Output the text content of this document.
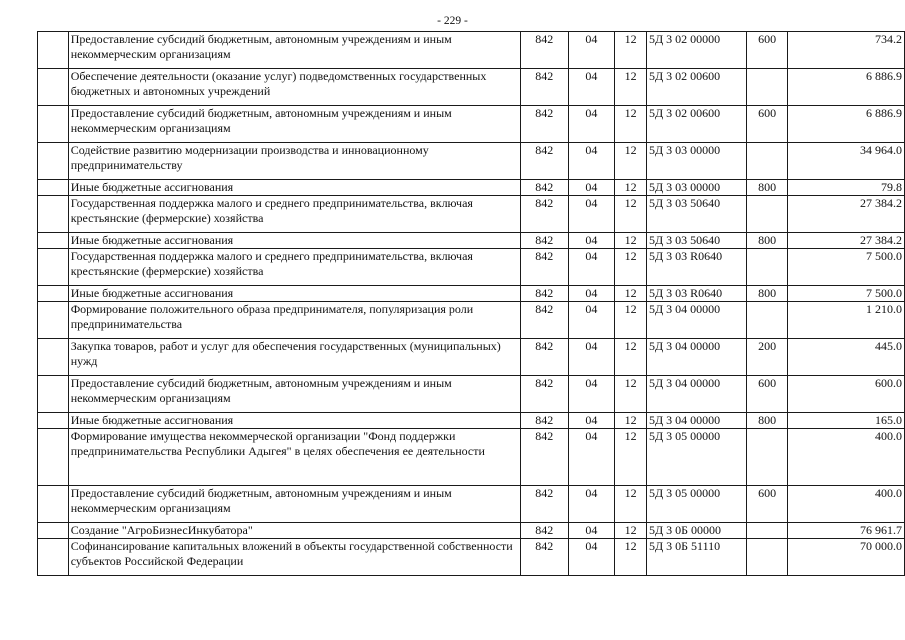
- 229 -
	Предоставление субсидий бюджетным, автономным учреждениям и иным некоммерческим организациям	842	04	12	5Д 3 02 00000	600	734.2
	Обеспечение деятельности (оказание услуг) подведомственных государственных бюджетных и автономных учреждений	842	04	12	5Д 3 02 00600		6 886.9
	Предоставление субсидий бюджетным, автономным учреждениям и иным некоммерческим организациям	842	04	12	5Д 3 02 00600	600	6 886.9
	Содействие развитию модернизации производства и инновационному предпринимательству	842	04	12	5Д 3 03 00000		34 964.0
	Иные бюджетные ассигнования	842	04	12	5Д 3 03 00000	800	79.8
	Государственная поддержка малого и среднего предпринимательства, включая крестьянские (фермерские) хозяйства	842	04	12	5Д 3 03 50640		27 384.2
	Иные бюджетные ассигнования	842	04	12	5Д 3 03 50640	800	27 384.2
	Государственная поддержка малого и среднего предпринимательства, включая крестьянские (фермерские) хозяйства	842	04	12	5Д 3 03 R0640		7 500.0
	Иные бюджетные ассигнования	842	04	12	5Д 3 03 R0640	800	7 500.0
	Формирование положительного образа предпринимателя, популяризация роли предпринимательства	842	04	12	5Д 3 04 00000		1 210.0
	Закупка товаров, работ и услуг для обеспечения государственных (муниципальных) нужд	842	04	12	5Д 3 04 00000	200	445.0
	Предоставление субсидий бюджетным, автономным учреждениям и иным некоммерческим организациям	842	04	12	5Д 3 04 00000	600	600.0
	Иные бюджетные ассигнования	842	04	12	5Д 3 04 00000	800	165.0
	Формирование имущества некоммерческой организации "Фонд поддержки предпринимательства Республики Адыгея" в целях обеспечения ее деятельности	842	04	12	5Д 3 05 00000		400.0
	Предоставление субсидий бюджетным, автономным учреждениям и иным некоммерческим организациям	842	04	12	5Д 3 05 00000	600	400.0
	Создание "АгроБизнесИнкубатора"	842	04	12	5Д 3 0Б 00000		76 961.7
	Софинансирование капитальных вложений в объекты государственной собственности субъектов Российской Федерации	842	04	12	5Д 3 0Б 51110		70 000.0
